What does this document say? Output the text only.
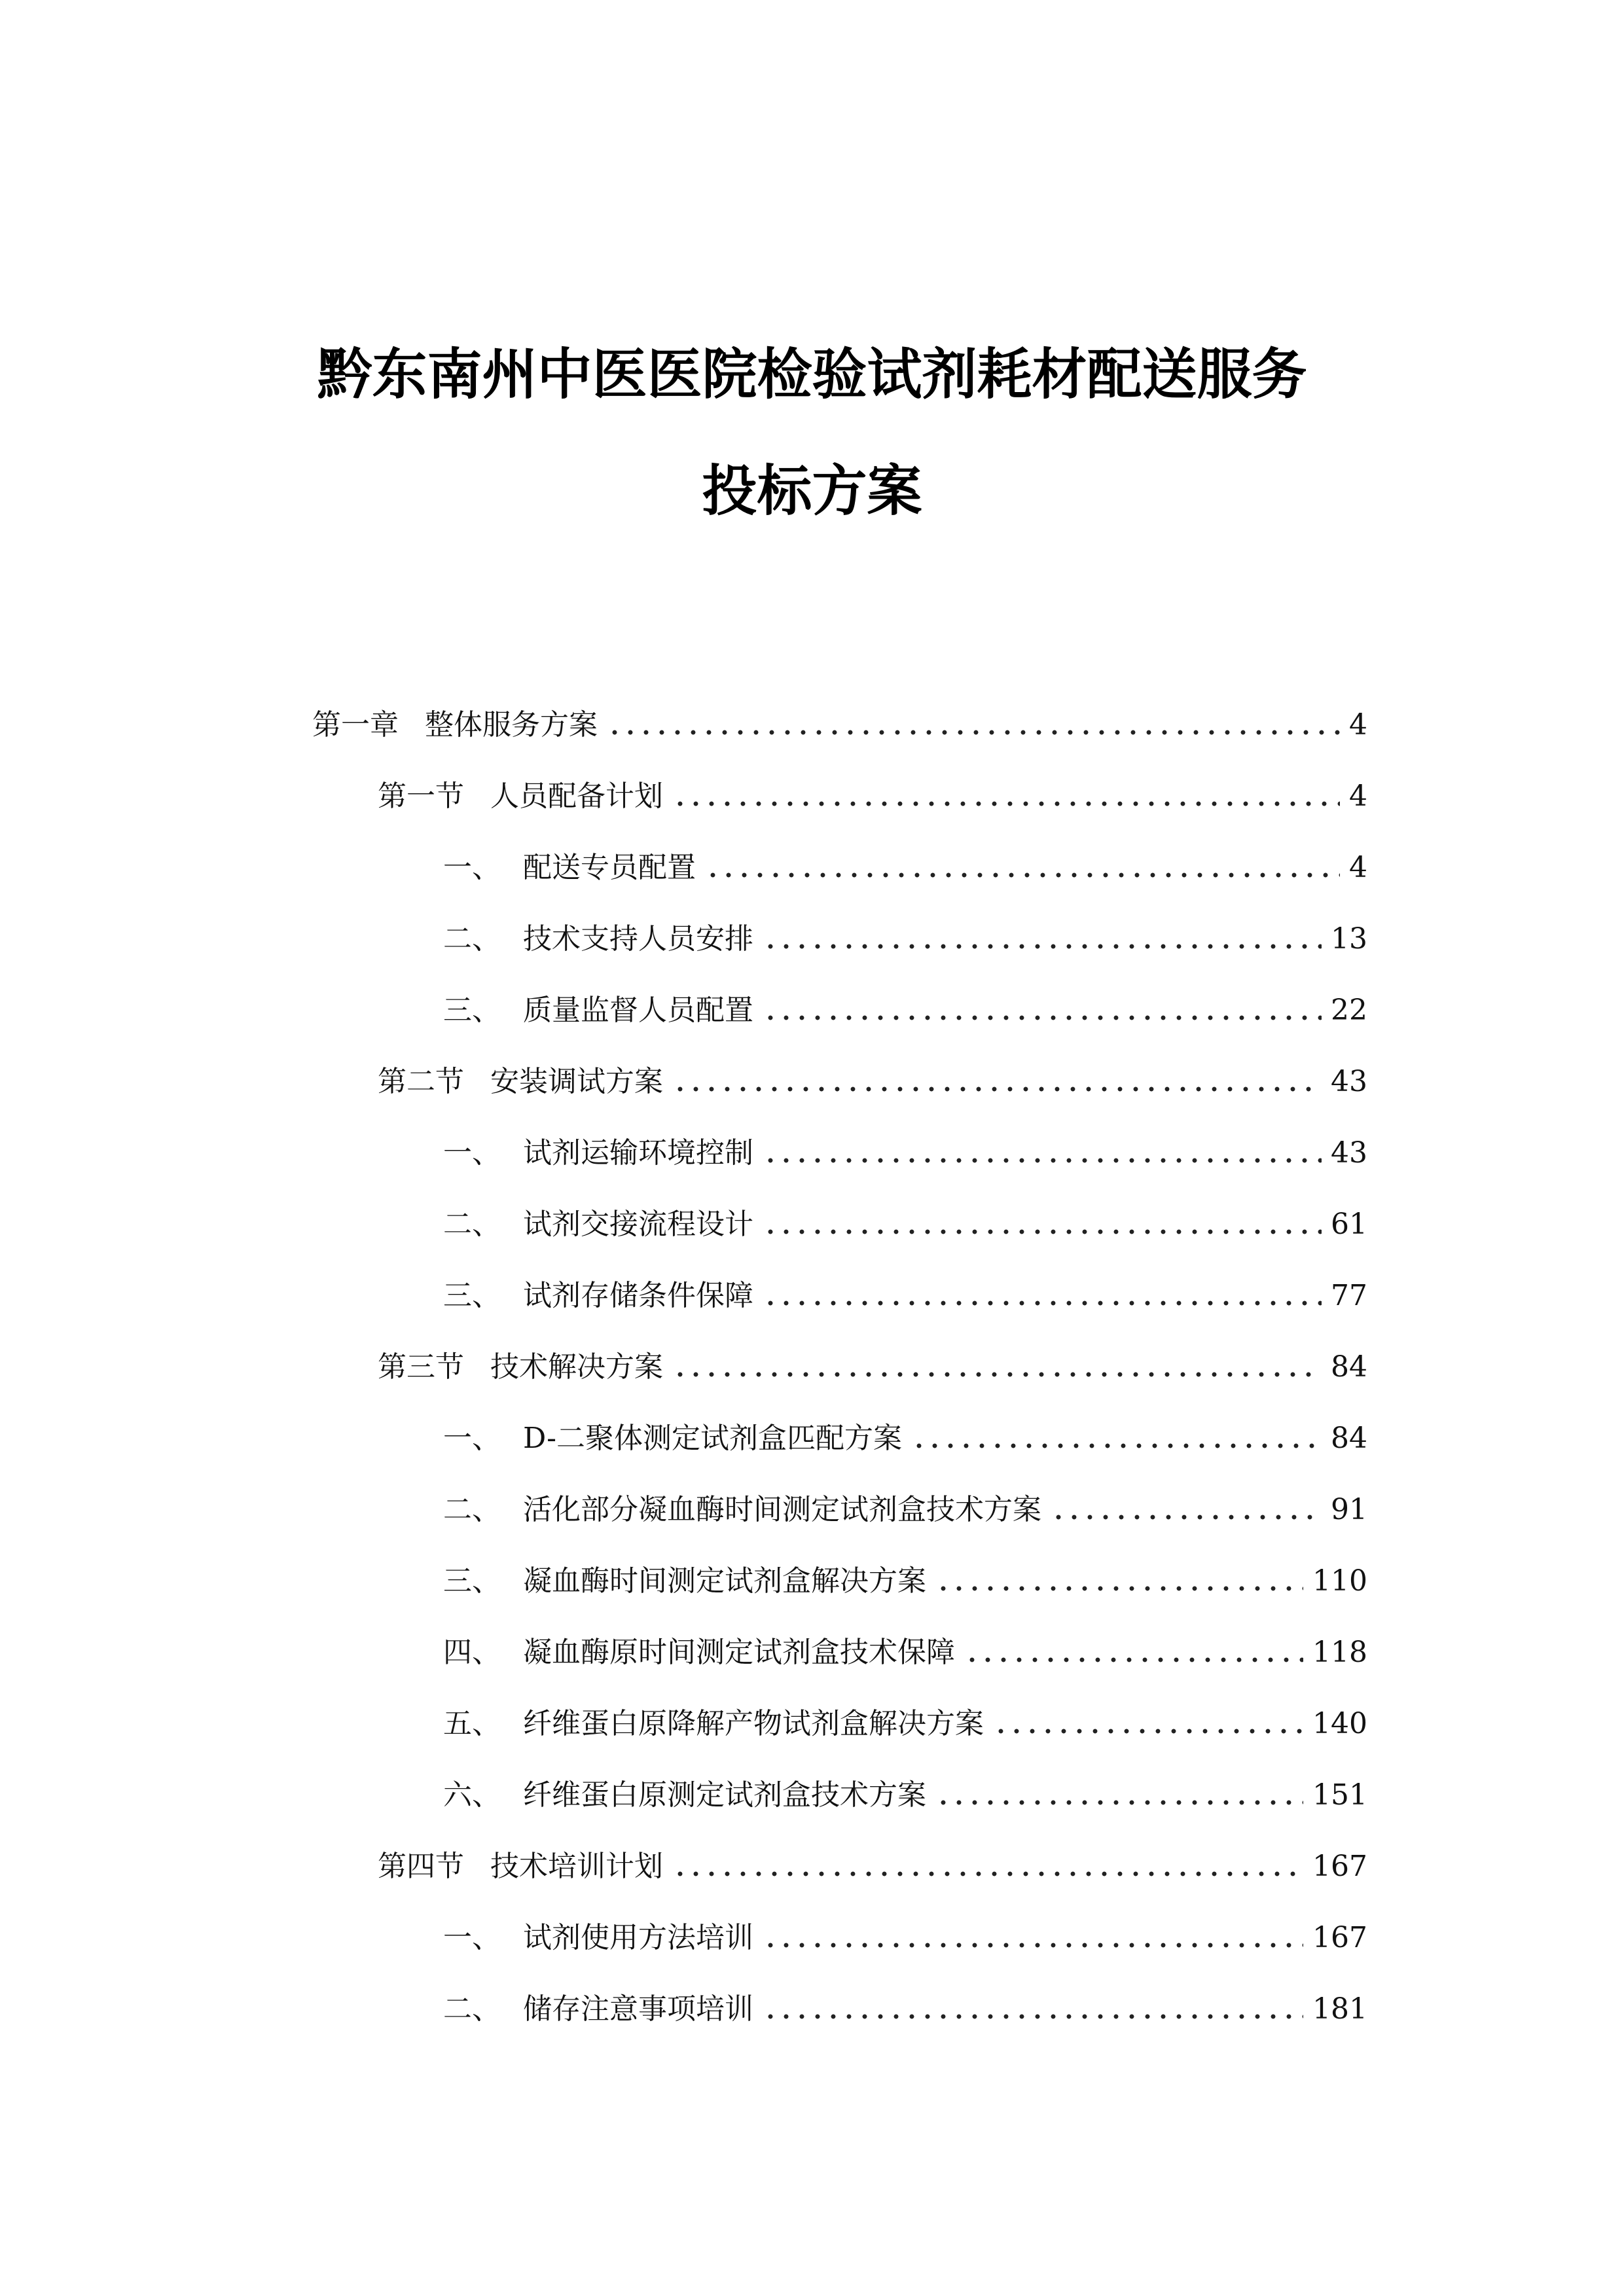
黔东南州中医医院检验试剂耗材配送服务
投标方案
第一章 整体服务方案	4
第一节 人员配备计划	4
一、 配送专员配置	4
二、 技术支持人员安排	13
三、 质量监督人员配置	22
第二节 安装调试方案	43
一、 试剂运输环境控制	43
二、 试剂交接流程设计	61
三、 试剂存储条件保障	77
第三节 技术解决方案	84
一、 D-二聚体测定试剂盒匹配方案	84
二、 活化部分凝血酶时间测定试剂盒技术方案	91
三、 凝血酶时间测定试剂盒解决方案	110
四、 凝血酶原时间测定试剂盒技术保障	118
五、 纤维蛋白原降解产物试剂盒解决方案	140
六、 纤维蛋白原测定试剂盒技术方案	151
第四节 技术培训计划	167
一、 试剂使用方法培训	167
二、 储存注意事项培训	181
